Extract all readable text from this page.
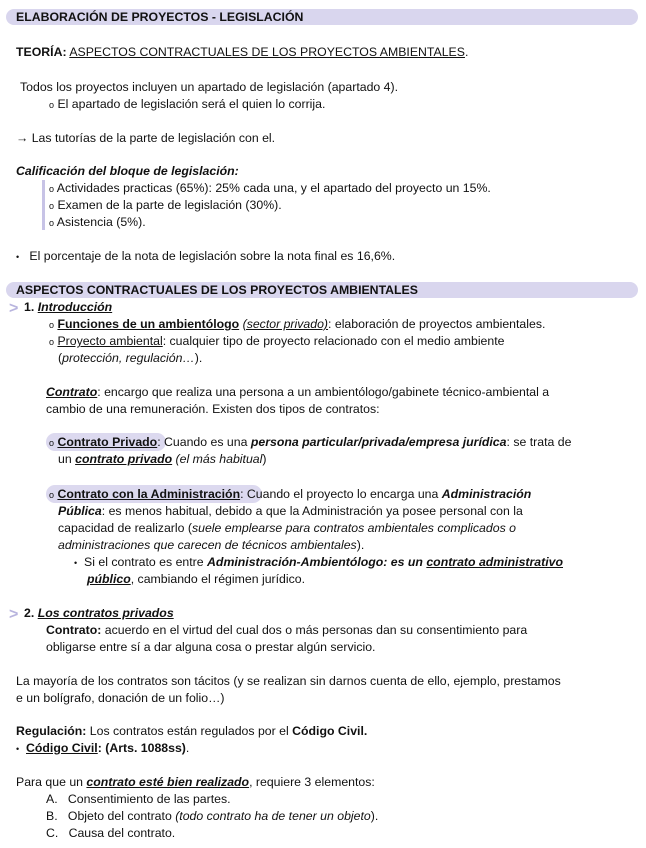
ELABORACIÓN DE PROYECTOS - LEGISLACIÓN
TEORÍA: ASPECTOS CONTRACTUALES DE LOS PROYECTOS AMBIENTALES.
Todos los proyectos incluyen un apartado de legislación (apartado 4).
o El apartado de legislación será el quien lo corrija.
→ Las tutorías de la parte de legislación con el.
Calificación del bloque de legislación:
o Actividades practicas (65%): 25% cada una, y el apartado del proyecto un 15%.
o Examen de la parte de legislación (30%).
o Asistencia (5%).
• El porcentaje de la nota de legislación sobre la nota final es 16,6%.
ASPECTOS CONTRACTUALES DE LOS PROYECTOS AMBIENTALES
> 1. Introducción
o Funciones de un ambientólogo (sector privado): elaboración de proyectos ambientales.
o Proyecto ambiental: cualquier tipo de proyecto relacionado con el medio ambiente
(protección, regulación…).
Contrato: encargo que realiza una persona a un ambientólogo/gabinete técnico-ambiental a
cambio de una remuneración. Existen dos tipos de contratos:
o Contrato Privado: Cuando es una persona particular/privada/empresa jurídica: se trata de
un contrato privado (el más habitual)
o Contrato con la Administración: Cuando el proyecto lo encarga una Administración
Pública: es menos habitual, debido a que la Administración ya posee personal con la
capacidad de realizarlo (suele emplearse para contratos ambientales complicados o
administraciones que carecen de técnicos ambientales).
• Si el contrato es entre Administración-Ambientólogo: es un contrato administrativo
público, cambiando el régimen jurídico.
> 2. Los contratos privados
Contrato: acuerdo en el virtud del cual dos o más personas dan su consentimiento para
obligarse entre sí a dar alguna cosa o prestar algún servicio.
La mayoría de los contratos son tácitos (y se realizan sin darnos cuenta de ello, ejemplo, prestamos
e un bolígrafo, donación de un folio…)
Regulación: Los contratos están regulados por el Código Civil.
• Código Civil: (Arts. 1088ss).
Para que un contrato esté bien realizado, requiere 3 elementos:
A. Consentimiento de las partes.
B. Objeto del contrato (todo contrato ha de tener un objeto).
C. Causa del contrato.
